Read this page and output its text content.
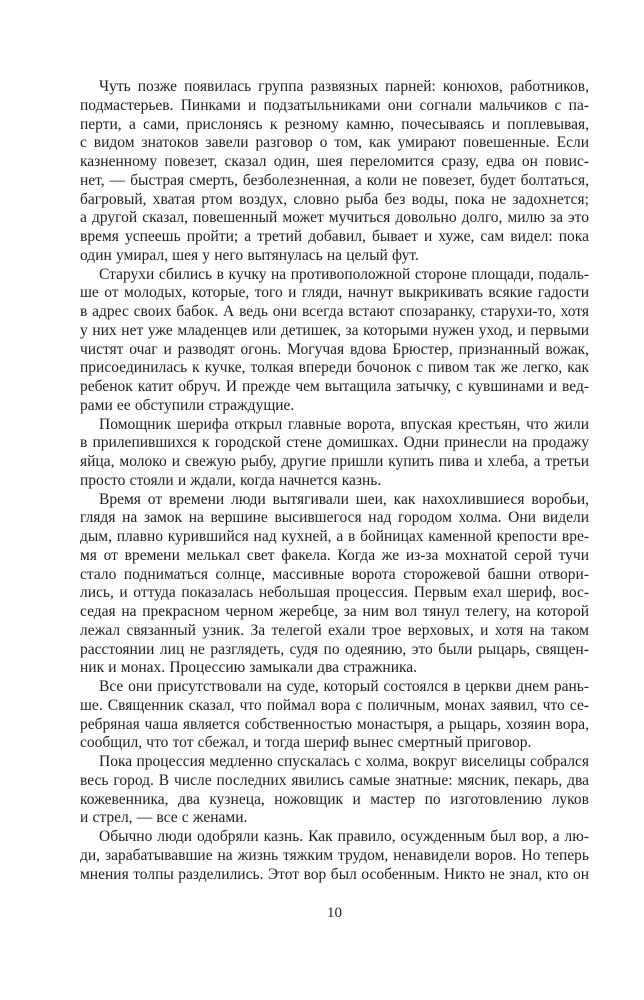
Чуть позже появилась группа развязных парней: конюхов, работников,
подмастерьев. Пинками и подзатыльниками они согнали мальчиков с па-
перти, а сами, прислонясь к резному камню, почесываясь и поплевывая,
с видом знатоков завели разговор о том, как умирают повешенные. Если
казненному повезет, сказал один, шея переломится сразу, едва он повис-
нет, — быстрая смерть, безболезненная, а коли не повезет, будет болтаться,
багровый, хватая ртом воздух, словно рыба без воды, пока не задохнется;
а другой сказал, повешенный может мучиться довольно долго, милю за это
время успеешь пройти; а третий добавил, бывает и хуже, сам видел: пока
один умирал, шея у него вытянулась на целый фут.
Старухи сбились в кучку на противоположной стороне площади, подаль-
ше от молодых, которые, того и гляди, начнут выкрикивать всякие гадости
в адрес своих бабок. А ведь они всегда встают спозаранку, старухи-то, хотя
у них нет уже младенцев или детишек, за которыми нужен уход, и первыми
чистят очаг и разводят огонь. Могучая вдова Брюстер, признанный вожак,
присоединилась к кучке, толкая впереди бочонок с пивом так же легко, как
ребенок катит обруч. И прежде чем вытащила затычку, с кувшинами и вед-
рами ее обступили страждущие.
Помощник шерифа открыл главные ворота, впуская крестьян, что жили
в прилепившихся к городской стене домишках. Одни принесли на продажу
яйца, молоко и свежую рыбу, другие пришли купить пива и хлеба, а третьи
просто стояли и ждали, когда начнется казнь.
Время от времени люди вытягивали шеи, как нахохлившиеся воробьи,
глядя на замок на вершине высившегося над городом холма. Они видели
дым, плавно курившийся над кухней, а в бойницах каменной крепости вре-
мя от времени мелькал свет факела. Когда же из-за мохнатой серой тучи
стало подниматься солнце, массивные ворота сторожевой башни отвори-
лись, и оттуда показалась небольшая процессия. Первым ехал шериф, вос-
седая на прекрасном черном жеребце, за ним вол тянул телегу, на которой
лежал связанный узник. За телегой ехали трое верховых, и хотя на таком
расстоянии лиц не разглядеть, судя по одеянию, это были рыцарь, священ-
ник и монах. Процессию замыкали два стражника.
Все они присутствовали на суде, который состоялся в церкви днем рань-
ше. Священник сказал, что поймал вора с поличным, монах заявил, что се-
ребряная чаша является собственностью монастыря, а рыцарь, хозяин вора,
сообщил, что тот сбежал, и тогда шериф вынес смертный приговор.
Пока процессия медленно спускалась с холма, вокруг виселицы собрался
весь город. В числе последних явились самые знатные: мясник, пекарь, два
кожевенника, два кузнеца, ножовщик и мастер по изготовлению луков
и стрел, — все с женами.
Обычно люди одобряли казнь. Как правило, осужденным был вор, а лю-
ди, зарабатывавшие на жизнь тяжким трудом, ненавидели воров. Но теперь
мнения толпы разделились. Этот вор был особенным. Никто не знал, кто он
10
